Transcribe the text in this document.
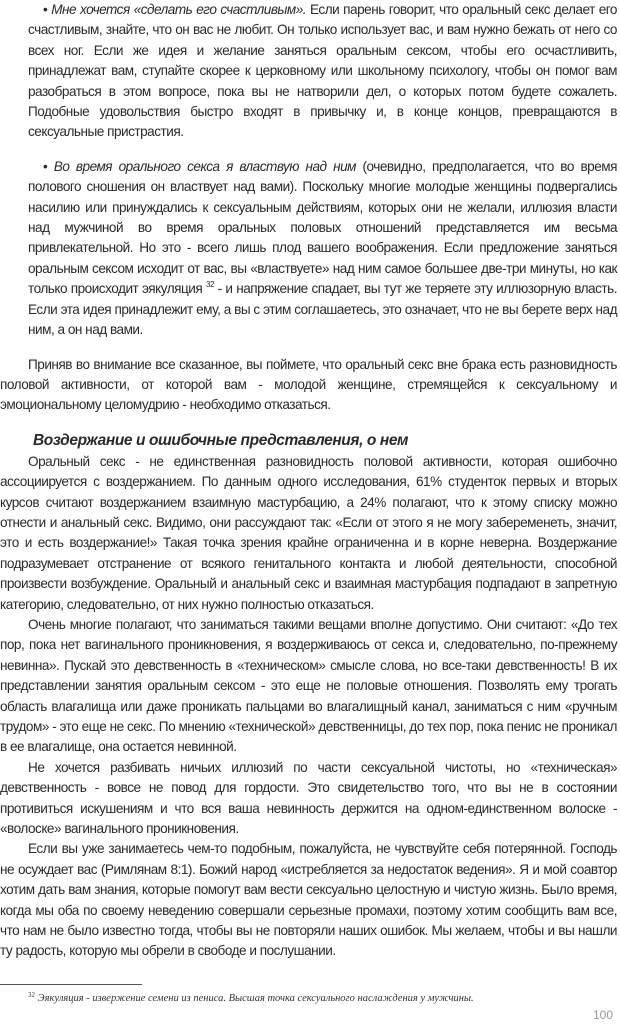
• Мне хочется «сделать его счастливым». Если парень говорит, что оральный секс делает его счастливым, знайте, что он вас не любит. Он только использует вас, и вам нужно бежать от него со всех ног. Если же идея и желание заняться оральным сексом, чтобы его осчастливить, принадлежат вам, ступайте скорее к церковному или школьному психологу, чтобы он помог вам разобраться в этом вопросе, пока вы не натворили дел, о которых потом будете сожалеть. Подобные удовольствия быстро входят в привычку и, в конце концов, превращаются в сексуальные пристрастия.

• Во время орального секса я властвую над ним (очевидно, предполагается, что во время полового сношения он властвует над вами). Поскольку многие молодые женщины подвергались насилию или принуждались к сексуальным действиям, которых они не желали, иллюзия власти над мужчиной во время оральных половых отношений представляется им весьма привлекательной. Но это - всего лишь плод вашего воображения. Если предложение заняться оральным сексом исходит от вас, вы «властвуете» над ним самое большее две-три минуты, но как только происходит эякуляция $^{32}$ - и напряжение спадает, вы тут же теряете эту иллюзорную власть. Если эта идея принадлежит ему, а вы с этим соглашаетесь, это означает, что не вы берете верх над ним, а он над вами.

Приняв во внимание все сказанное, вы поймете, что оральный секс вне брака есть разновидность половой активности, от которой вам - молодой женщине, стремящейся к сексуальному и эмоциональному целомудрию - необходимо отказаться.

Воздержание и ошибочные представления, о нем

Оральный секс - не единственная разновидность половой активности, которая ошибочно ассоциируется с воздержанием. По данным одного исследования, 61% студенток первых и вторых курсов считают воздержанием взаимную мастурбацию, а 24% полагают, что к этому списку можно отнести и анальный секс. Видимо, они рассуждают так: «Если от этого я не могу забеременеть, значит, это и есть воздержание!» Такая точка зрения крайне ограниченна и в корне неверна. Воздержание подразумевает отстранение от всякого генитального контакта и любой деятельности, способной произвести возбуждение. Оральный и анальный секс и взаимная мастурбация подпадают в запретную категорию, следовательно, от них нужно полностью отказаться.

Очень многие полагают, что заниматься такими вещами вполне допустимо. Они считают: «До тех пор, пока нет вагинального проникновения, я воздерживаюсь от секса и, следовательно, по-прежнему невинна». Пускай это девственность в «техническом» смысле слова, но все-таки девственность! В их представлении занятия оральным сексом - это еще не половые отношения. Позволять ему трогать область влагалища или даже проникать пальцами во влагалищный канал, заниматься с ним «ручным трудом» - это еще не секс. По мнению «технической» девственницы, до тех пор, пока пенис не проникал в ее влагалище, она остается невинной.

Не хочется разбивать ничьих иллюзий по части сексуальной чистоты, но «техническая» девственность - вовсе не повод для гордости. Это свидетельство того, что вы не в состоянии противиться искушениям и что вся ваша невинность держится на одном-единственном волоске - «волоске» вагинального проникновения.

Если вы уже занимаетесь чем-то подобным, пожалуйста, не чувствуйте себя потерянной. Господь не осуждает вас (Римлянам 8:1). Божий народ «истребляется за недостаток ведения». Я и мой соавтор хотим дать вам знания, которые помогут вам вести сексуально целостную и чистую жизнь. Было время, когда мы оба по своему неведению совершали серьезные промахи, поэтому хотим сообщить вам все, что нам не было известно тогда, чтобы вы не повторяли наших ошибок. Мы желаем, чтобы и вы нашли ту радость, которую мы обрели в свободе и послушании.

$^{32}$ Эякуляция - извержение семени из пениса. Высшая точка сексуального наслаждения у мужчины.
100
